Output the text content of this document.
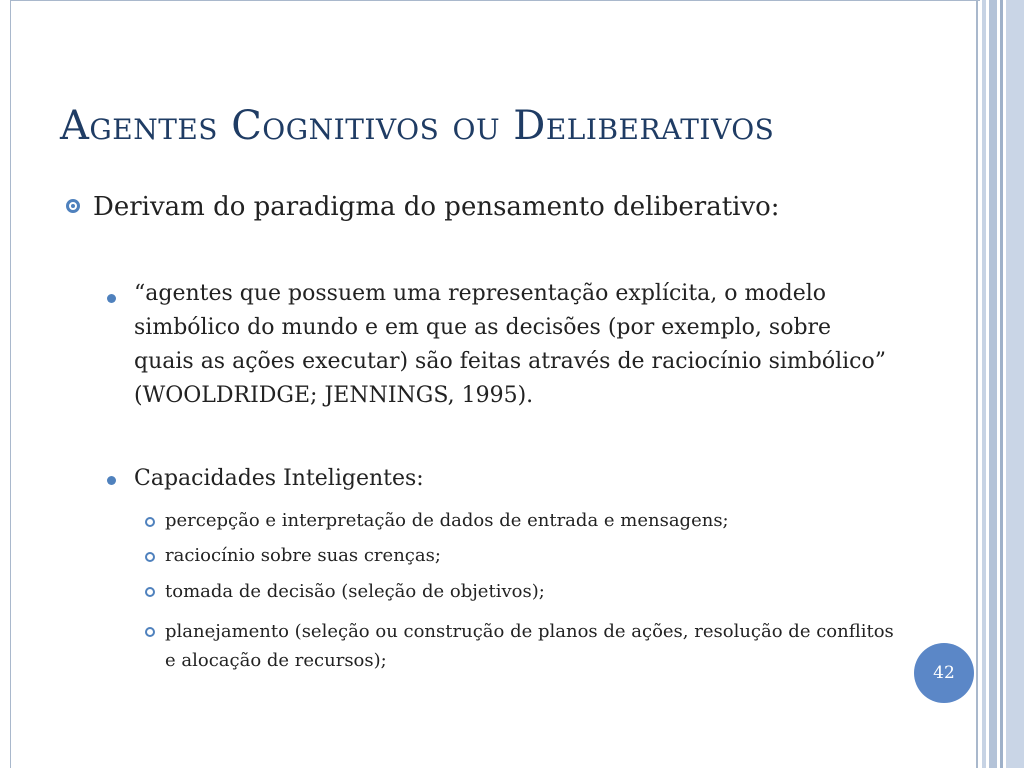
Agentes Cognitivos ou Deliberativos
Derivam do paradigma do pensamento deliberativo:
“agentes que possuem uma representação explícita, o modelo simbólico do mundo e em que as decisões (por exemplo, sobre quais as ações executar) são feitas através de raciocínio simbólico” (WOOLDRIDGE; JENNINGS, 1995).
Capacidades Inteligentes:
percepção e interpretação de dados de entrada e mensagens;
raciocínio sobre suas crenças;
tomada de decisão (seleção de objetivos);
planejamento (seleção ou construção de planos de ações, resolução de conflitos e alocação de recursos);
42
